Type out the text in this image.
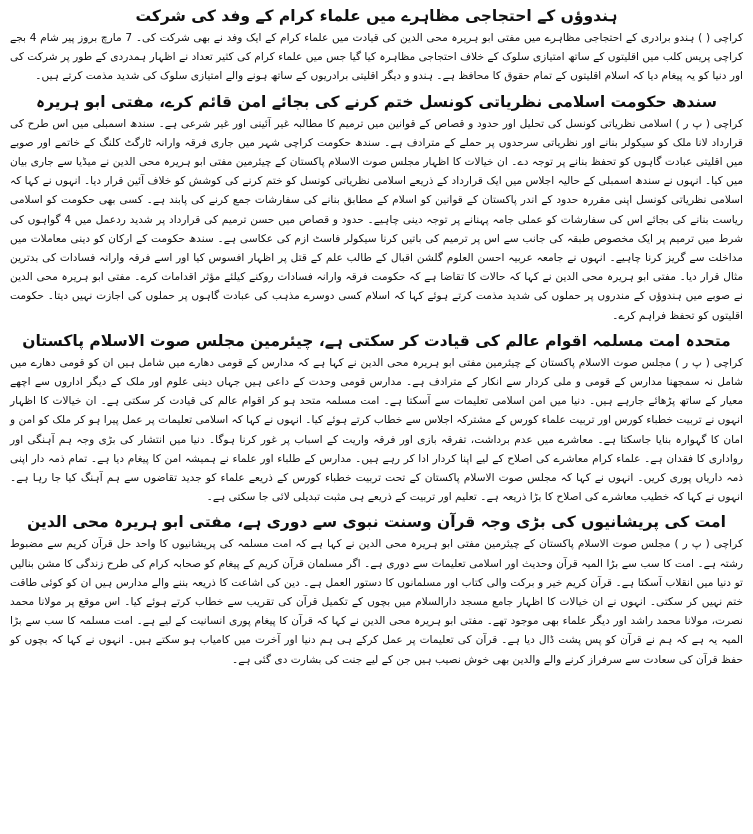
ہندوؤں کے احتجاجی مظاہرے میں علماء کرام کے وفد کی شرکت

کراچی ( ) ہندو برادری کے احتجاجی مظاہرے میں مفتی ابو ہریرہ محی الدین کی قیادت میں علماء کرام کے ایک وفد نے بھی شرکت کی۔ 7 مارچ بروز پیر شام 4 بجے کراچی پریس کلب میں اقلیتوں کے ساتھ امتیازی سلوک کے خلاف احتجاجی مظاہرہ کیا گیا جس میں علماء کرام کی کثیر تعداد نے اظہار ہمدردی کے طور پر شرکت کی اور دنیا کو یہ پیغام دیا کہ اسلام اقلیتوں کے تمام حقوق کا محافظ ہے۔ ہندو و دیگر اقلیتی برادریوں کے ساتھ ہونے والے امتیازی سلوک کی شدید مذمت کرتے ہیں۔

سندھ حکومت اسلامی نظریاتی کونسل ختم کرنے کی بجائے امن قائم کرے، مفتی ابو ہریرہ

کراچی ( پ ر ) اسلامی نظریاتی کونسل کی تحلیل اور حدود و قصاص کے قوانین میں ترمیم کا مطالبہ غیر آئینی اور غیر شرعی ہے۔ سندھ اسمبلی میں اس طرح کی قرارداد لانا ملک کو سیکولر بنانے اور نظریاتی سرحدوں پر حملے کے مترادف ہے۔ سندھ حکومت کراچی شہر میں جاری فرقہ وارانہ ٹارگٹ کلنگ کے خاتمے اور صوبے میں اقلیتی عبادت گاہوں کو تحفظ بنانے پر توجہ دے۔ ان خیالات کا اظہار مجلس صوت الاسلام پاکستان کے چیئرمین مفتی ابو ہریرہ محی الدین نے میڈیا سے جاری بیان میں کیا۔ انہوں نے سندھ اسمبلی کے حالیہ اجلاس میں ایک قرارداد کے ذریعے اسلامی نظریاتی کونسل کو ختم کرنے کی کوشش کو خلاف آئین قرار دیا۔ انہوں نے کہا کہ اسلامی نظریاتی کونسل اپنی مقررہ حدود کے اندر پاکستان کے قوانین کو اسلام کے مطابق بنانے کی سفارشات جمع کرنے کی پابند ہے۔ کسی بھی حکومت کو اسلامی ریاست بنانے کی بجائے اس کی سفارشات کو عملی جامہ پہنانے پر توجہ دینی چاہیے۔ حدود و قصاص میں حسن ترمیم کی قرارداد پر شدید ردعمل میں 4 گواہوں کی شرط میں ترمیم پر ایک مخصوص طبقہ کی جانب سے اس پر ترمیم کی باتیں کرنا سیکولر فاسٹ ازم کی عکاسی ہے۔ سندھ حکومت کے ارکان کو دینی معاملات میں مداخلت سے گریز کرنا چاہیے۔ انہوں نے جامعہ عربیہ احسن العلوم گلشن اقبال کے طالب علم کے قتل پر اظہار افسوس کیا اور اسے فرقہ وارانہ فسادات کی بدترین مثال قرار دیا۔ مفتی ابو ہریرہ محی الدین نے کہا کہ حالات کا تقاضا ہے کہ حکومت فرقہ وارانہ فسادات روکنے کیلئے مؤثر اقدامات کرے۔ مفتی ابو ہریرہ محی الدین نے صوبے میں ہندوؤں کے مندروں پر حملوں کی شدید مذمت کرتے ہوئے کہا کہ اسلام کسی دوسرے مذہب کی عبادت گاہوں پر حملوں کی اجازت نہیں دیتا۔ حکومت اقلیتوں کو تحفظ فراہم کرے۔

متحدہ امت مسلمہ اقوام عالم کی قیادت کر سکتی ہے، چیئرمین مجلس صوت الاسلام پاکستان

کراچی ( پ ر ) مجلس صوت الاسلام پاکستان کے چیئرمین مفتی ابو ہریرہ محی الدین نے کہا ہے کہ مدارس کے قومی دھارے میں شامل ہیں ان کو قومی دھارے میں شامل نہ سمجھنا مدارس کے قومی و ملی کردار سے انکار کے مترادف ہے۔ مدارس قومی وحدت کے داعی ہیں جہاں دینی علوم اور ملک کے دیگر اداروں سے اچھے معیار کے ساتھ پڑھائے جارہے ہیں۔ دنیا میں امن اسلامی تعلیمات سے آسکتا ہے۔ امت مسلمہ متحد ہو کر اقوام عالم کی قیادت کر سکتی ہے۔ ان خیالات کا اظہار انہوں نے تربیت خطباء کورس اور تربیت علماء کورس کے مشترکہ اجلاس سے خطاب کرتے ہوئے کیا۔ انہوں نے کہا کہ اسلامی تعلیمات پر عمل پیرا ہو کر ملک کو امن و امان کا گہوارہ بنایا جاسکتا ہے۔ معاشرے میں عدم برداشت، تفرقہ بازی اور فرقہ واریت کے اسباب پر غور کرنا ہوگا۔ دنیا میں انتشار کی بڑی وجہ ہم آہنگی اور رواداری کا فقدان ہے۔ علماء کرام معاشرے کی اصلاح کے لیے اپنا کردار ادا کر رہے ہیں۔ مدارس کے طلباء اور علماء نے ہمیشہ امن کا پیغام دیا ہے۔ تمام ذمہ دار اپنی ذمہ داریاں پوری کریں۔ انہوں نے کہا کہ مجلس صوت الاسلام پاکستان کے تحت تربیت خطباء کورس کے ذریعے علماء کو جدید تقاضوں سے ہم آہنگ کیا جا رہا ہے۔ انہوں نے کہا کہ خطیب معاشرے کی اصلاح کا بڑا ذریعہ ہے۔ تعلیم اور تربیت کے ذریعے ہی مثبت تبدیلی لائی جا سکتی ہے۔

امت کی پریشانیوں کی بڑی وجہ قرآن وسنت نبوی سے دوری ہے، مفتی ابو ہریرہ محی الدین

کراچی ( پ ر ) مجلس صوت الاسلام پاکستان کے چیئرمین مفتی ابو ہریرہ محی الدین نے کہا ہے کہ امت مسلمہ کی پریشانیوں کا واحد حل قرآن کریم سے مضبوط رشتہ ہے۔ امت کا سب سے بڑا المیہ قرآن وحدیث اور اسلامی تعلیمات سے دوری ہے۔ اگر مسلمان قرآن کریم کے پیغام کو صحابہ کرام کی طرح زندگی کا مشن بنالیں تو دنیا میں انقلاب آسکتا ہے۔ قرآن کریم خیر و برکت والی کتاب اور مسلمانوں کا دستور العمل ہے۔ دین کی اشاعت کا ذریعہ بننے والے مدارس ہیں ان کو کوئی طاقت ختم نہیں کر سکتی۔ انہوں نے ان خیالات کا اظہار جامع مسجد دارالسلام میں بچوں کے تکمیل قرآن کی تقریب سے خطاب کرتے ہوئے کیا۔ اس موقع پر مولانا محمد نصرت، مولانا محمد راشد اور دیگر علماء بھی موجود تھے۔ مفتی ابو ہریرہ محی الدین نے کہا کہ قرآن کا پیغام پوری انسانیت کے لیے ہے۔ امت مسلمہ کا سب سے بڑا المیہ یہ ہے کہ ہم نے قرآن کو پس پشت ڈال دیا ہے۔ قرآن کی تعلیمات پر عمل کرکے ہی ہم دنیا اور آخرت میں کامیاب ہو سکتے ہیں۔ انہوں نے کہا کہ بچوں کو حفظ قرآن کی سعادت سے سرفراز کرنے والے والدین بھی خوش نصیب ہیں جن کے لیے جنت کی بشارت دی گئی ہے۔
